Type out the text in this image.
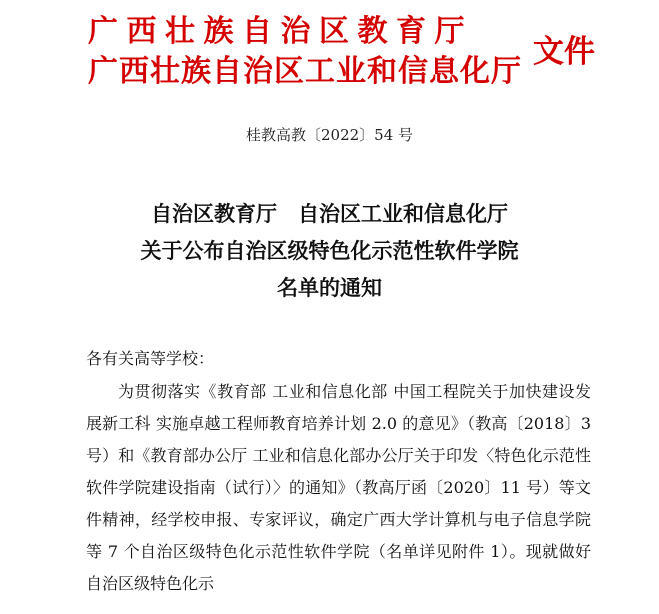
广西壮族自治区教育厅
广西壮族自治区工业和信息化厅
文件
桂教高教〔2022〕54 号
自治区教育厅　自治区工业和信息化厅
关于公布自治区级特色化示范性软件学院
名单的通知
各有关高等学校：

为贯彻落实《教育部 工业和信息化部 中国工程院关于加快建设发展新工科 实施卓越工程师教育培养计划 2.0 的意见》（教高〔2018〕3 号）和《教育部办公厅 工业和信息化部办公厅关于印发〈特色化示范性软件学院建设指南（试行）〉的通知》（教高厅函〔2020〕11 号）等文件精神，经学校申报、专家评议，确定广西大学计算机与电子信息学院等 7 个自治区级特色化示范性软件学院（名单详见附件 1）。现就做好自治区级特色化示
